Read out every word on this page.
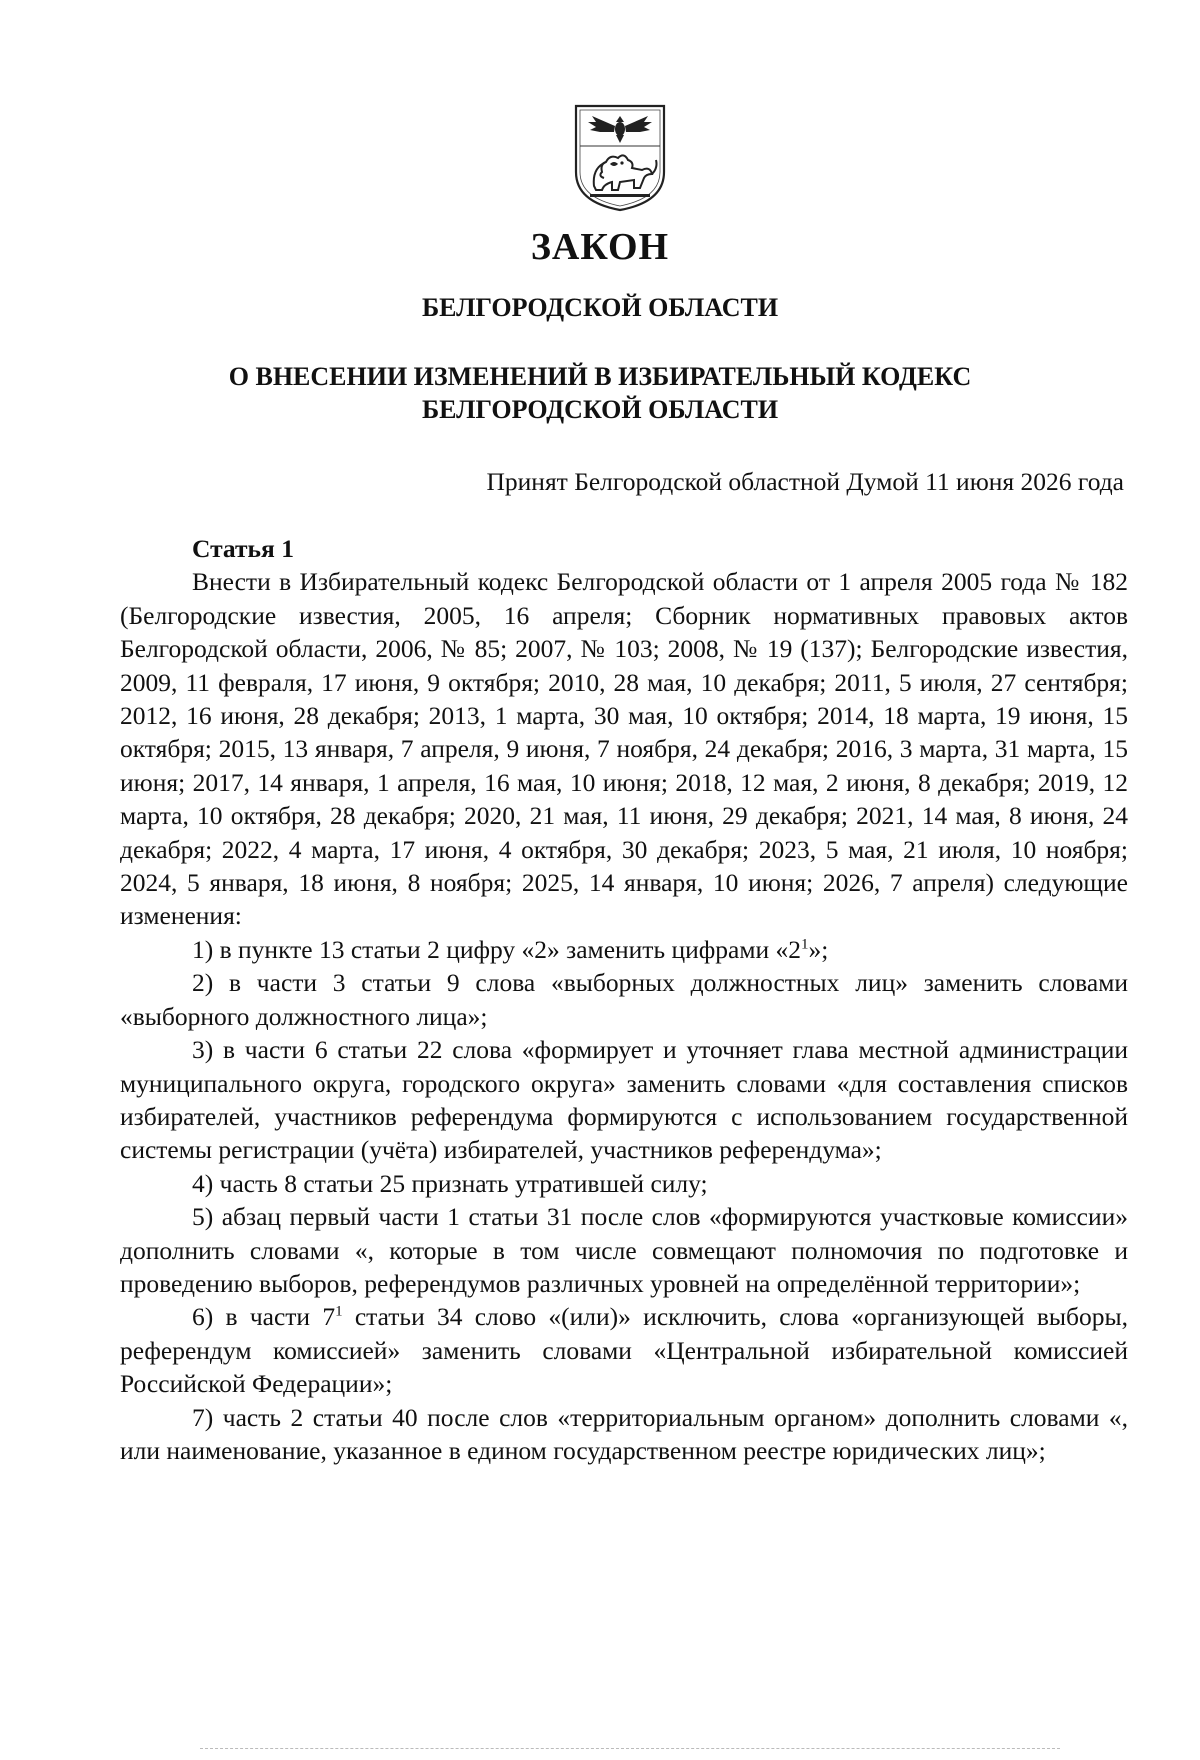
ЗАКОН
БЕЛГОРОДСКОЙ ОБЛАСТИ
О ВНЕСЕНИИ ИЗМЕНЕНИЙ В ИЗБИРАТЕЛЬНЫЙ КОДЕКС
БЕЛГОРОДСКОЙ ОБЛАСТИ
Принят Белгородской областной Думой 11 июня 2026 года

Статья 1

Внести в Избирательный кодекс Белгородской области от 1 апреля 2005 года № 182 (Белгородские известия, 2005, 16 апреля; Сборник нормативных правовых актов Белгородской области, 2006, № 85; 2007, № 103; 2008, № 19 (137); Белгородские известия, 2009, 11 февраля, 17 июня, 9 октября; 2010, 28 мая, 10 декабря; 2011, 5 июля, 27 сентября; 2012, 16 июня, 28 декабря; 2013, 1 марта, 30 мая, 10 октября; 2014, 18 марта, 19 июня, 15 октября; 2015, 13 января, 7 апреля, 9 июня, 7 ноября, 24 декабря; 2016, 3 марта, 31 марта, 15 июня; 2017, 14 января, 1 апреля, 16 мая, 10 июня; 2018, 12 мая, 2 июня, 8 декабря; 2019, 12 марта, 10 октября, 28 декабря; 2020, 21 мая, 11 июня, 29 декабря; 2021, 14 мая, 8 июня, 24 декабря; 2022, 4 марта, 17 июня, 4 октября, 30 декабря; 2023, 5 мая, 21 июля, 10 ноября; 2024, 5 января, 18 июня, 8 ноября; 2025, 14 января, 10 июня; 2026, 7 апреля) следующие изменения:

1) в пункте 13 статьи 2 цифру «2» заменить цифрами «$2^1$»;

2) в части 3 статьи 9 слова «выборных должностных лиц» заменить словами «выборного должностного лица»;

3) в части 6 статьи 22 слова «формирует и уточняет глава местной администрации муниципального округа, городского округа» заменить словами «для составления списков избирателей, участников референдума формируются с использованием государственной системы регистрации (учёта) избирателей, участников референдума»;

4) часть 8 статьи 25 признать утратившей силу;

5) абзац первый части 1 статьи 31 после слов «формируются участковые комиссии» дополнить словами «, которые в том числе совмещают полномочия по подготовке и проведению выборов, референдумов различных уровней на определённой территории»;

6) в части $7^1$ статьи 34 слово «(или)» исключить, слова «организующей выборы, референдум комиссией» заменить словами «Центральной избирательной комиссией Российской Федерации»;

7) часть 2 статьи 40 после слов «территориальным органом» дополнить словами «, или наименование, указанное в едином государственном реестре юридических лиц»;
